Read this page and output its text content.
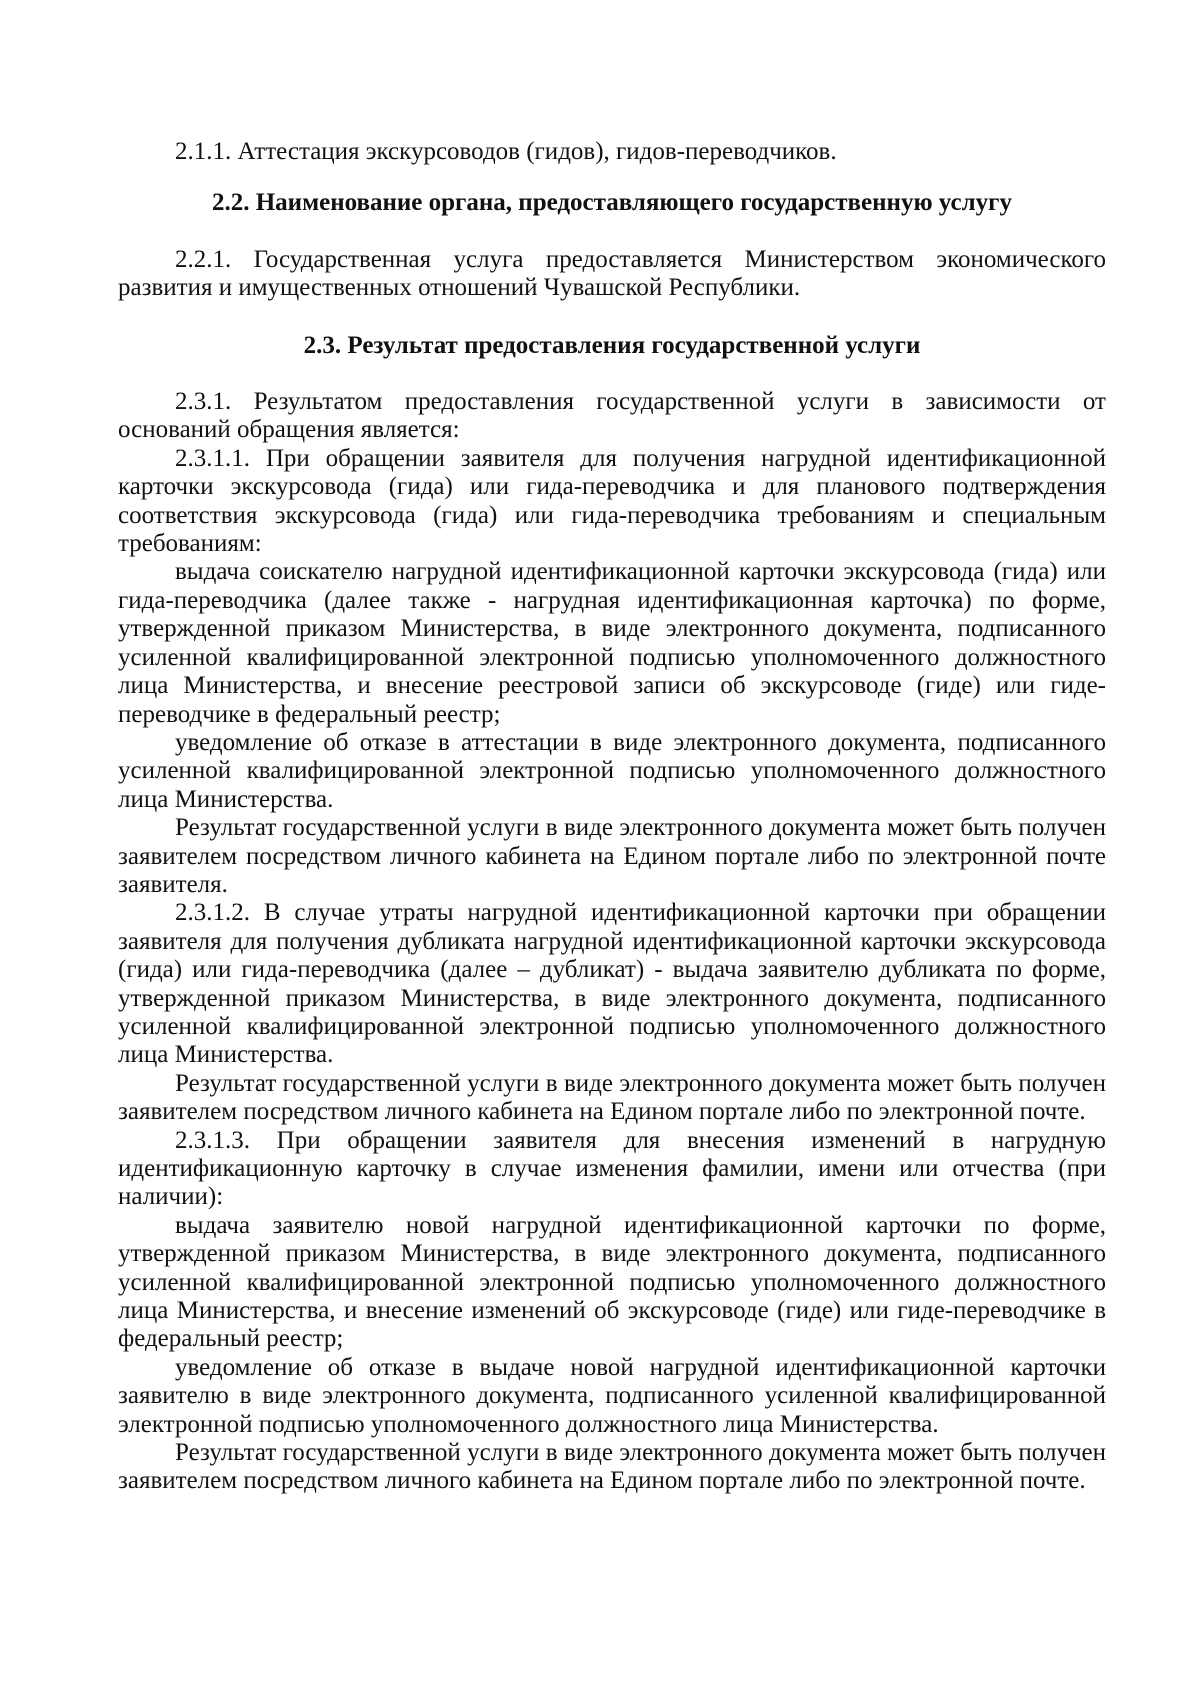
2.1.1. Аттестация экскурсоводов (гидов), гидов-переводчиков.

2.2. Наименование органа, предоставляющего государственную услугу

2.2.1. Государственная услуга предоставляется Министерством экономического развития и имущественных отношений Чувашской Республики.

2.3. Результат предоставления государственной услуги

2.3.1. Результатом предоставления государственной услуги в зависимости от оснований обращения является:

2.3.1.1. При обращении заявителя для получения нагрудной идентификационной карточки экскурсовода (гида) или гида-переводчика и для планового подтверждения соответствия экскурсовода (гида) или гида-переводчика требованиям и специальным требованиям:

выдача соискателю нагрудной идентификационной карточки экскурсовода (гида) или гида-переводчика (далее также - нагрудная идентификационная карточка) по форме, утвержденной приказом Министерства, в виде электронного документа, подписанного усиленной квалифицированной электронной подписью уполномоченного должностного лица Министерства, и внесение реестровой записи об экскурсоводе (гиде) или гиде-переводчике в федеральный реестр;

уведомление об отказе в аттестации в виде электронного документа, подписанного усиленной квалифицированной электронной подписью уполномоченного должностного лица Министерства.

Результат государственной услуги в виде электронного документа может быть получен заявителем посредством личного кабинета на Едином портале либо по электронной почте заявителя.

2.3.1.2. В случае утраты нагрудной идентификационной карточки при обращении заявителя для получения дубликата нагрудной идентификационной карточки экскурсовода (гида) или гида-переводчика (далее – дубликат) - выдача заявителю дубликата по форме, утвержденной приказом Министерства, в виде электронного документа, подписанного усиленной квалифицированной электронной подписью уполномоченного должностного лица Министерства.

Результат государственной услуги в виде электронного документа может быть получен заявителем посредством личного кабинета на Едином портале либо по электронной почте.

2.3.1.3. При обращении заявителя для внесения изменений в нагрудную идентификационную карточку в случае изменения фамилии, имени или отчества (при наличии):

выдача заявителю новой нагрудной идентификационной карточки по форме, утвержденной приказом Министерства, в виде электронного документа, подписанного усиленной квалифицированной электронной подписью уполномоченного должностного лица Министерства, и внесение изменений об экскурсоводе (гиде) или гиде-переводчике в федеральный реестр;

уведомление об отказе в выдаче новой нагрудной идентификационной карточки заявителю в виде электронного документа, подписанного усиленной квалифицированной электронной подписью уполномоченного должностного лица Министерства.

Результат государственной услуги в виде электронного документа может быть получен заявителем посредством личного кабинета на Едином портале либо по электронной почте.
